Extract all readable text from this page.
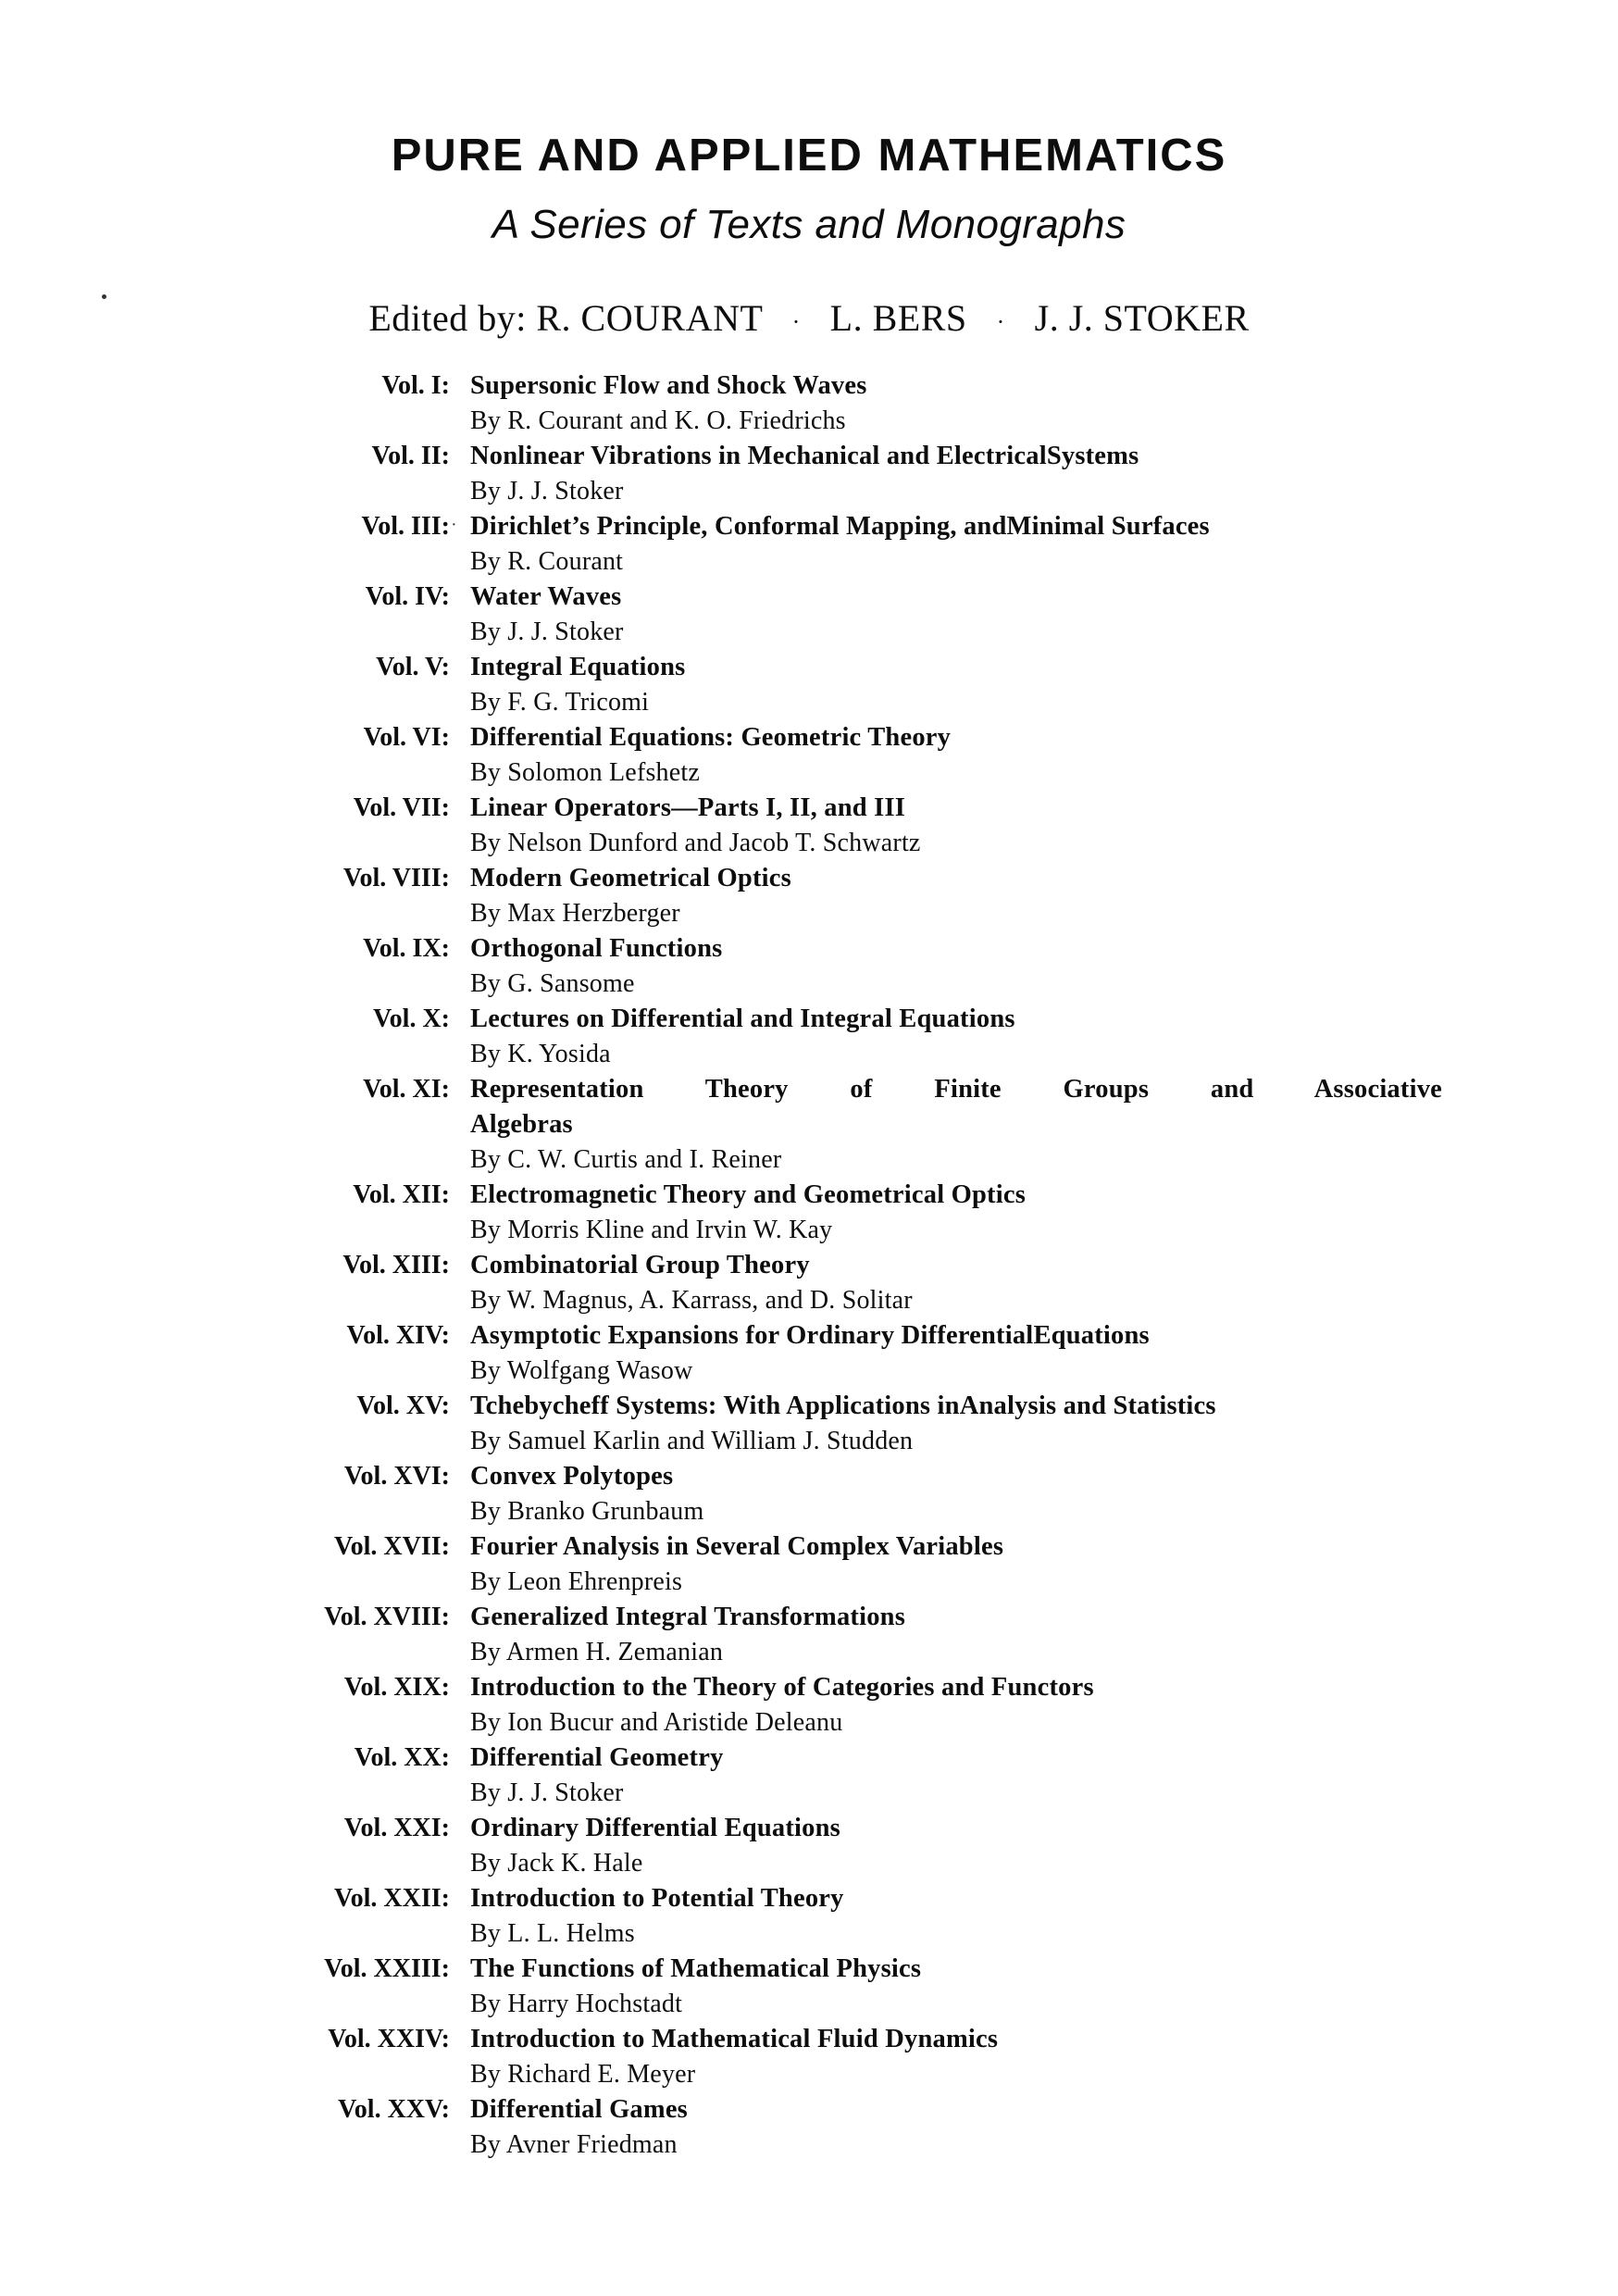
PURE AND APPLIED MATHEMATICS
A Series of Texts and Monographs
Edited by: R. COURANT · L. BERS · J. J. STOKER
·
Vol. I: Supersonic Flow and Shock Waves
By R. Courant and K. O. Friedrichs
Vol. II: Nonlinear Vibrations in Mechanical and ElectricalSystems
By J. J. Stoker
Vol. III: Dirichlet’s Principle, Conformal Mapping, andMinimal Surfaces
By R. Courant
Vol. IV: Water Waves
By J. J. Stoker
Vol. V: Integral Equations
By F. G. Tricomi
Vol. VI: Differential Equations: Geometric Theory
By Solomon Lefshetz
Vol. VII: Linear Operators—Parts I, II, and III
By Nelson Dunford and Jacob T. Schwartz
Vol. VIII: Modern Geometrical Optics
By Max Herzberger
Vol. IX: Orthogonal Functions
By G. Sansome
Vol. X: Lectures on Differential and Integral Equations
By K. Yosida
Vol. XI: Representation Theory of Finite Groups and Associative
Algebras
By C. W. Curtis and I. Reiner
Vol. XII: Electromagnetic Theory and Geometrical Optics
By Morris Kline and Irvin W. Kay
Vol. XIII: Combinatorial Group Theory
By W. Magnus, A. Karrass, and D. Solitar
Vol. XIV: Asymptotic Expansions for Ordinary DifferentialEquations
By Wolfgang Wasow
Vol. XV: Tchebycheff Systems: With Applications inAnalysis and Statistics
By Samuel Karlin and William J. Studden
Vol. XVI: Convex Polytopes
By Branko Grunbaum
Vol. XVII: Fourier Analysis in Several Complex Variables
By Leon Ehrenpreis
Vol. XVIII: Generalized Integral Transformations
By Armen H. Zemanian
Vol. XIX: Introduction to the Theory of Categories and Functors
By Ion Bucur and Aristide Deleanu
Vol. XX: Differential Geometry
By J. J. Stoker
Vol. XXI: Ordinary Differential Equations
By Jack K. Hale
Vol. XXII: Introduction to Potential Theory
By L. L. Helms
Vol. XXIII: The Functions of Mathematical Physics
By Harry Hochstadt
Vol. XXIV: Introduction to Mathematical Fluid Dynamics
By Richard E. Meyer
Vol. XXV: Differential Games
By Avner Friedman
